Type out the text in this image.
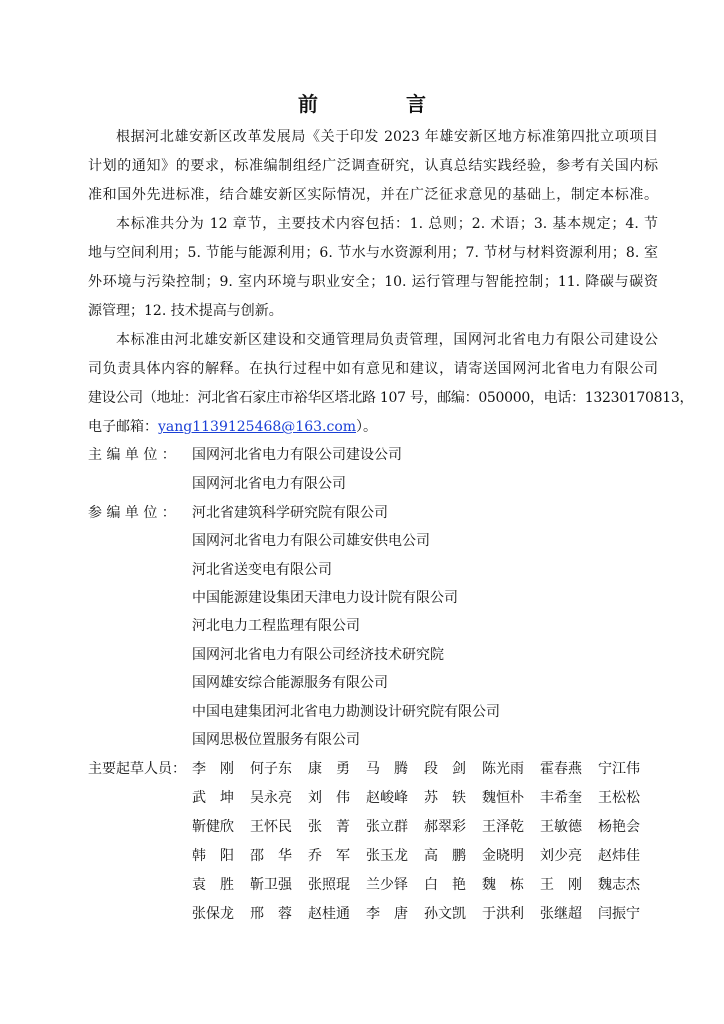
前　言
根据河北雄安新区改革发展局《关于印发 2023 年雄安新区地方标准第四批立项项目
计划的通知》的要求，标准编制组经广泛调查研究，认真总结实践经验，参考有关国内标
准和国外先进标准，结合雄安新区实际情况，并在广泛征求意见的基础上，制定本标准。
本标准共分为 12 章节，主要技术内容包括：1. 总则；2. 术语；3. 基本规定；4. 节
地与空间利用；5. 节能与能源利用；6. 节水与水资源利用；7. 节材与材料资源利用；8. 室
外环境与污染控制；9. 室内环境与职业安全；10. 运行管理与智能控制；11. 降碳与碳资
源管理；12. 技术提高与创新。
本标准由河北雄安新区建设和交通管理局负责管理，国网河北省电力有限公司建设公
司负责具体内容的解释。在执行过程中如有意见和建议，请寄送国网河北省电力有限公司
建设公司（地址：河北省石家庄市裕华区塔北路 107 号，邮编：050000，电话：13230170813，
电子邮箱：yang1139125468@163.com）。
主 编 单 位 ： 国网河北省电力有限公司建设公司
国网河北省电力有限公司
参 编 单 位 ： 河北省建筑科学研究院有限公司
国网河北省电力有限公司雄安供电公司
河北省送变电有限公司
中国能源建设集团天津电力设计院有限公司
河北电力工程监理有限公司
国网河北省电力有限公司经济技术研究院
国网雄安综合能源服务有限公司
中国电建集团河北省电力勘测设计研究院有限公司
国网思极位置服务有限公司
主要起草人员： 李　刚	何子东	康　勇	马　腾	段　剑	陈光雨	霍春燕	宁江伟
武　坤	吴永亮	刘　伟	赵峻峰	苏　轶	魏恒朴	丰希奎	王松松
靳健欣	王怀民	张　菁	张立群	郝翠彩	王泽乾	王敏德	杨艳会
韩　阳	邵　华	乔　军	张玉龙	高　鹏	金晓明	刘少亮	赵炜佳
袁　胜	靳卫强	张照琨	兰少铎	白　艳	魏　栋	王　刚	魏志杰
张保龙	邢　蓉	赵桂通	李　唐	孙文凯	于洪利	张继超	闫振宁
